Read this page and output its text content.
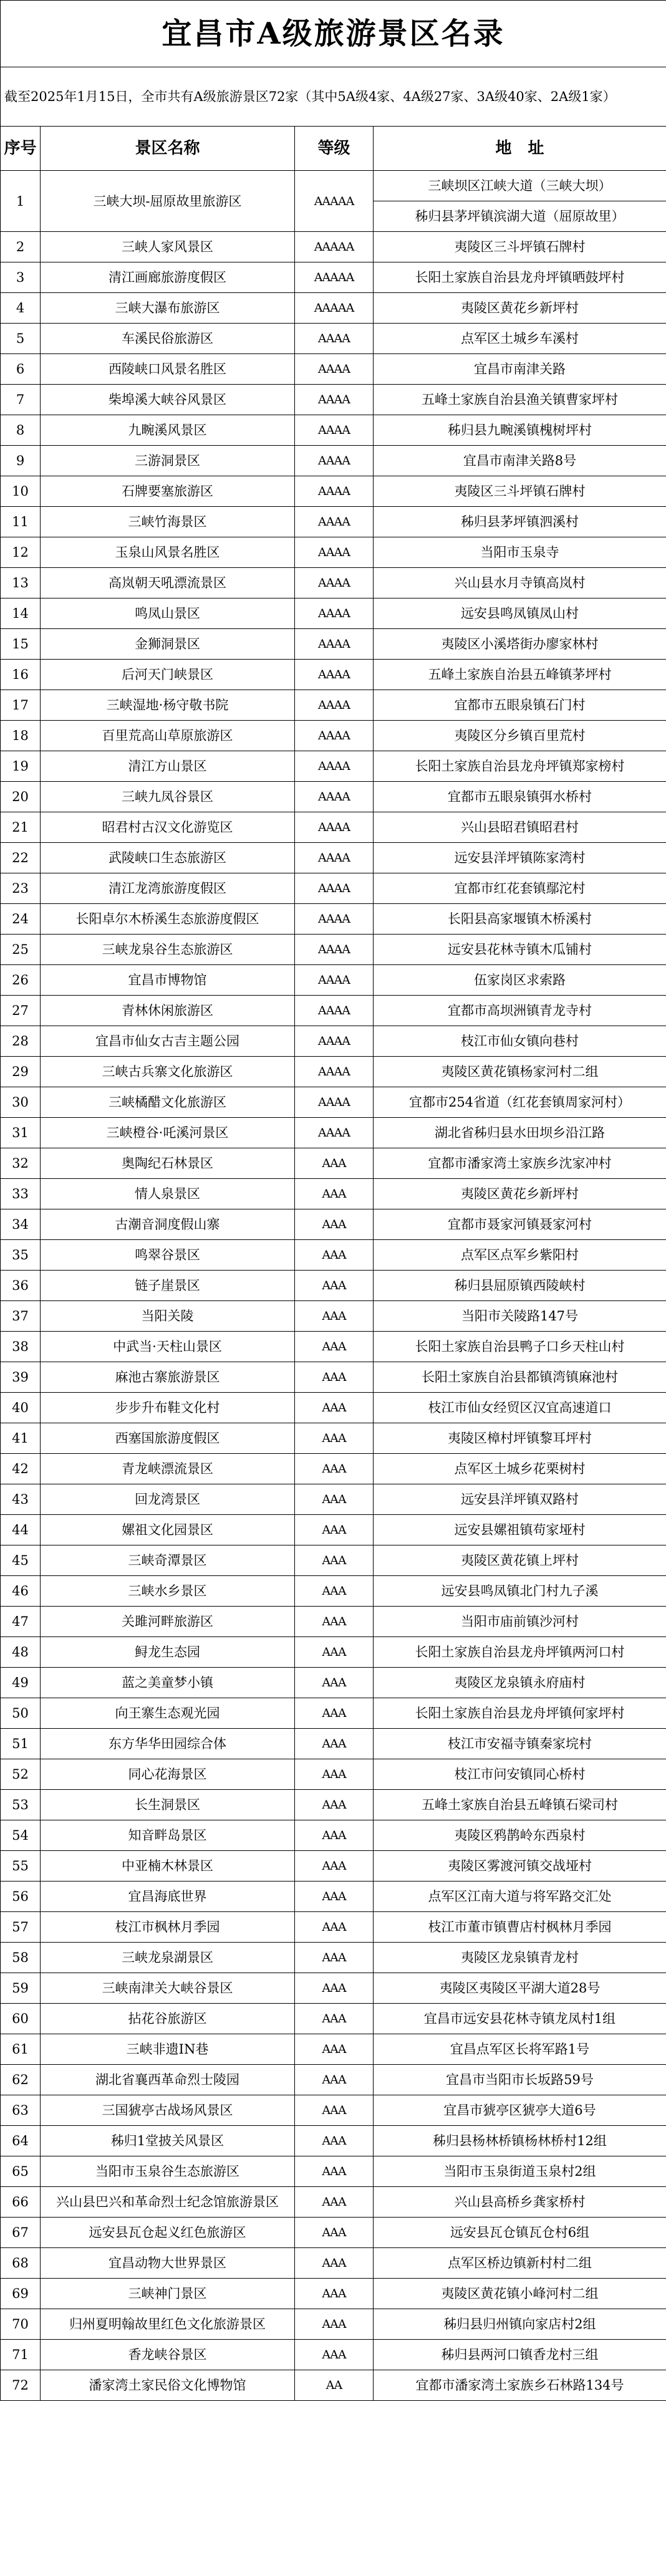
宜昌市A级旅游景区名录			
截至2025年1月15日，全市共有A级旅游景区72家（其中5A级4家、4A级27家、3A级40家、2A级1家）			
序号	景区名称	等级	地　址
1	三峡大坝-屈原故里旅游区	AAAAA	三峡坝区江峡大道（三峡大坝）
			秭归县茅坪镇滨湖大道（屈原故里）
2	三峡人家风景区	AAAAA	夷陵区三斗坪镇石牌村
3	清江画廊旅游度假区	AAAAA	长阳土家族自治县龙舟坪镇晒鼓坪村
4	三峡大瀑布旅游区	AAAAA	夷陵区黄花乡新坪村
5	车溪民俗旅游区	AAAA	点军区土城乡车溪村
6	西陵峡口风景名胜区	AAAA	宜昌市南津关路
7	柴埠溪大峡谷风景区	AAAA	五峰土家族自治县渔关镇曹家坪村
8	九畹溪风景区	AAAA	秭归县九畹溪镇槐树坪村
9	三游洞景区	AAAA	宜昌市南津关路8号
10	石牌要塞旅游区	AAAA	夷陵区三斗坪镇石牌村
11	三峡竹海景区	AAAA	秭归县茅坪镇泗溪村
12	玉泉山风景名胜区	AAAA	当阳市玉泉寺
13	高岚朝天吼漂流景区	AAAA	兴山县水月寺镇高岚村
14	鸣凤山景区	AAAA	远安县鸣凤镇凤山村
15	金狮洞景区	AAAA	夷陵区小溪塔街办廖家林村
16	后河天门峡景区	AAAA	五峰土家族自治县五峰镇茅坪村
17	三峡湿地·杨守敬书院	AAAA	宜都市五眼泉镇石门村
18	百里荒高山草原旅游区	AAAA	夷陵区分乡镇百里荒村
19	清江方山景区	AAAA	长阳土家族自治县龙舟坪镇郑家榜村
20	三峡九凤谷景区	AAAA	宜都市五眼泉镇弭水桥村
21	昭君村古汉文化游览区	AAAA	兴山县昭君镇昭君村
22	武陵峡口生态旅游区	AAAA	远安县洋坪镇陈家湾村
23	清江龙湾旅游度假区	AAAA	宜都市红花套镇鄢沱村
24	长阳卓尔木桥溪生态旅游度假区	AAAA	长阳县高家堰镇木桥溪村
25	三峡龙泉谷生态旅游区	AAAA	远安县花林寺镇木瓜铺村
26	宜昌市博物馆	AAAA	伍家岗区求索路
27	青林休闲旅游区	AAAA	宜都市高坝洲镇青龙寺村
28	宜昌市仙女古吉主题公园	AAAA	枝江市仙女镇向巷村
29	三峡古兵寨文化旅游区	AAAA	夷陵区黄花镇杨家河村二组
30	三峡橘醋文化旅游区	AAAA	宜都市254省道（红花套镇周家河村）
31	三峡橙谷·吒溪河景区	AAAA	湖北省秭归县水田坝乡沿江路
32	奥陶纪石林景区	AAA	宜都市潘家湾土家族乡沈家冲村
33	情人泉景区	AAA	夷陵区黄花乡新坪村
34	古潮音洞度假山寨	AAA	宜都市聂家河镇聂家河村
35	鸣翠谷景区	AAA	点军区点军乡紫阳村
36	链子崖景区	AAA	秭归县屈原镇西陵峡村
37	当阳关陵	AAA	当阳市关陵路147号
38	中武当·天柱山景区	AAA	长阳土家族自治县鸭子口乡天柱山村
39	麻池古寨旅游景区	AAA	长阳土家族自治县都镇湾镇麻池村
40	步步升布鞋文化村	AAA	枝江市仙女经贸区汉宜高速道口
41	西塞国旅游度假区	AAA	夷陵区樟村坪镇黎耳坪村
42	青龙峡漂流景区	AAA	点军区土城乡花栗树村
43	回龙湾景区	AAA	远安县洋坪镇双路村
44	嫘祖文化园景区	AAA	远安县嫘祖镇苟家垭村
45	三峡奇潭景区	AAA	夷陵区黄花镇上坪村
46	三峡水乡景区	AAA	远安县鸣凤镇北门村九子溪
47	关雎河畔旅游区	AAA	当阳市庙前镇沙河村
48	鲟龙生态园	AAA	长阳土家族自治县龙舟坪镇两河口村
49	蓝之美童梦小镇	AAA	夷陵区龙泉镇永府庙村
50	向王寨生态观光园	AAA	长阳土家族自治县龙舟坪镇何家坪村
51	东方华华田园综合体	AAA	枝江市安福寺镇秦家垸村
52	同心花海景区	AAA	枝江市问安镇同心桥村
53	长生洞景区	AAA	五峰土家族自治县五峰镇石梁司村
54	知音畔岛景区	AAA	夷陵区鸦鹊岭东西泉村
55	中亚楠木林景区	AAA	夷陵区雾渡河镇交战垭村
56	宜昌海底世界	AAA	点军区江南大道与将军路交汇处
57	枝江市枫林月季园	AAA	枝江市董市镇曹店村枫林月季园
58	三峡龙泉湖景区	AAA	夷陵区龙泉镇青龙村
59	三峡南津关大峡谷景区	AAA	夷陵区夷陵区平湖大道28号
60	拈花谷旅游区	AAA	宜昌市远安县花林寺镇龙凤村1组
61	三峡非遗IN巷	AAA	宜昌点军区长将军路1号
62	湖北省襄西革命烈士陵园	AAA	宜昌市当阳市长坂路59号
63	三国猇亭古战场风景区	AAA	宜昌市猇亭区猇亭大道6号
64	秭归1堂披关风景区	AAA	秭归县杨林桥镇杨林桥村12组
65	当阳市玉泉谷生态旅游区	AAA	当阳市玉泉街道玉泉村2组
66	兴山县巴兴和革命烈士纪念馆旅游景区	AAA	兴山县高桥乡龚家桥村
67	远安县瓦仓起义红色旅游区	AAA	远安县瓦仓镇瓦仓村6组
68	宜昌动物大世界景区	AAA	点军区桥边镇新村村二组
69	三峡神门景区	AAA	夷陵区黄花镇小峰河村二组
70	归州夏明翰故里红色文化旅游景区	AAA	秭归县归州镇向家店村2组
71	香龙峡谷景区	AAA	秭归县两河口镇香龙村三组
72	潘家湾土家民俗文化博物馆	AA	宜都市潘家湾土家族乡石林路134号
